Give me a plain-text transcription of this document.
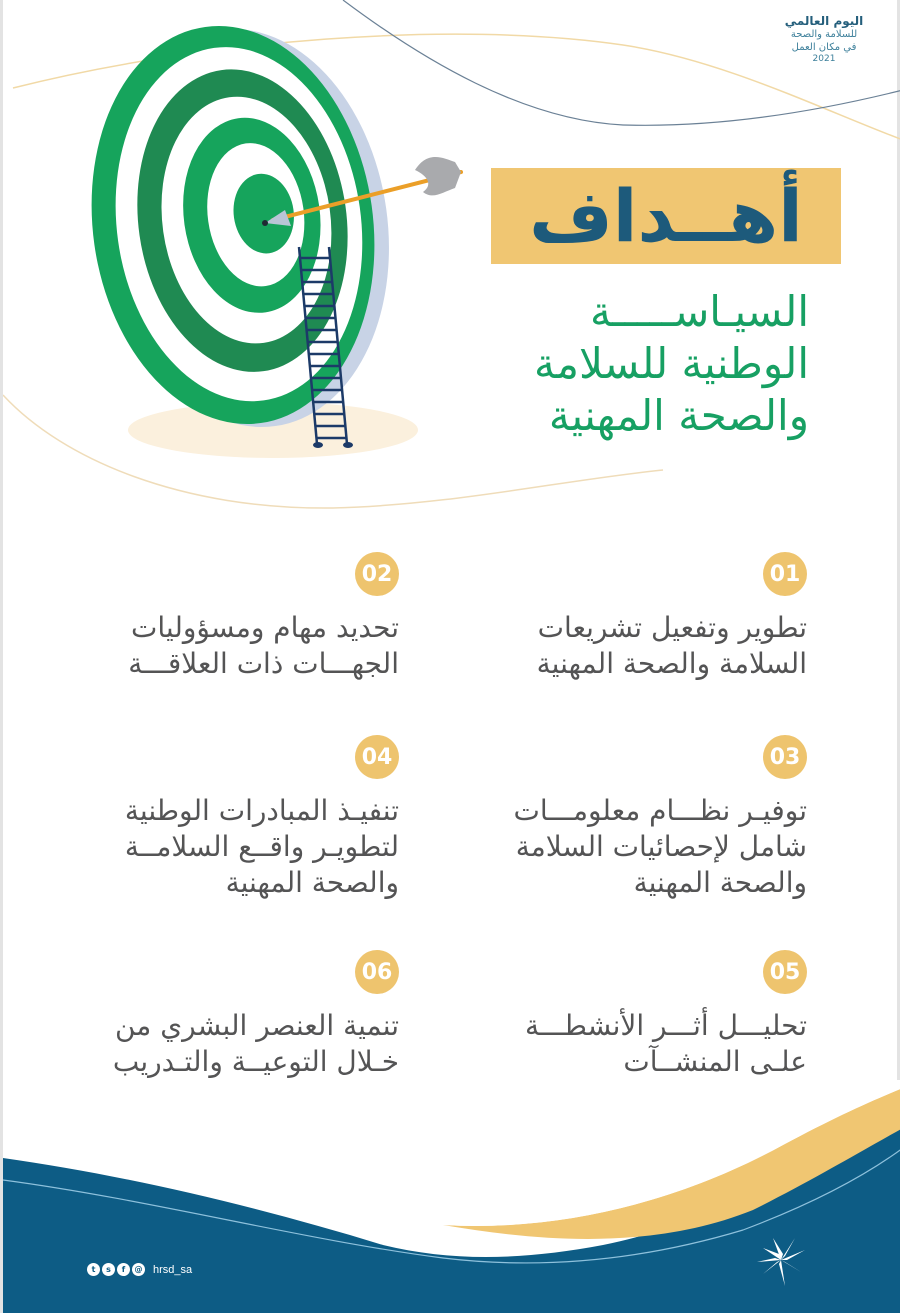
اليوم العالمي
للسلامة والصحة
في مكان العمل
2021
أهــداف
السيـاســـــة
الوطنية للسلامة
والصحة المهنية
01
تطوير وتفعيل تشريعات
السلامة والصحة المهنية
02
تحديد مهام ومسؤوليات
الجهـــات ذات العلاقـــة
03
توفيـر نظـــام معلومـــات
شامل لإحصائيات السلامة
والصحة المهنية
04
تنفيـذ المبادرات الوطنية
لتطويـر واقــع السلامــة
والصحة المهنية
05
تحليـــل أثـــر الأنشطـــة
علـى المنشــآت
06
تنمية العنصر البشري من
خـلال التوعيــة والتـدريب
t	s	f	@ hrsd_sa
